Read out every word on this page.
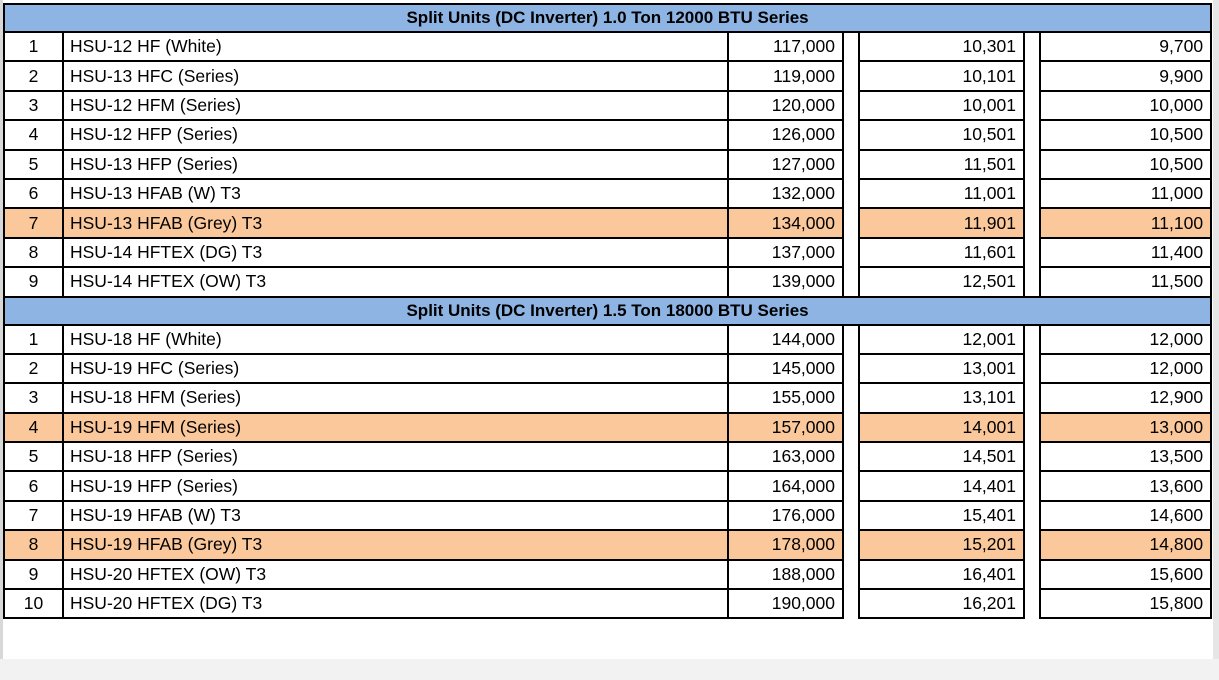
Split Units (DC Inverter) 1.0 Ton 12000 BTU Series						
1	HSU-12 HF (White)	117,000		10,301		9,700
2	HSU-13 HFC (Series)	119,000		10,101		9,900
3	HSU-12 HFM (Series)	120,000		10,001		10,000
4	HSU-12 HFP (Series)	126,000		10,501		10,500
5	HSU-13 HFP (Series)	127,000		11,501		10,500
6	HSU-13 HFAB (W) T3	132,000		11,001		11,000
7	HSU-13 HFAB (Grey) T3	134,000		11,901		11,100
8	HSU-14 HFTEX (DG) T3	137,000		11,601		11,400
9	HSU-14 HFTEX (OW) T3	139,000		12,501		11,500
Split Units (DC Inverter) 1.5 Ton 18000 BTU Series						
1	HSU-18 HF (White)	144,000		12,001		12,000
2	HSU-19 HFC (Series)	145,000		13,001		12,000
3	HSU-18 HFM (Series)	155,000		13,101		12,900
4	HSU-19 HFM (Series)	157,000		14,001		13,000
5	HSU-18 HFP (Series)	163,000		14,501		13,500
6	HSU-19 HFP (Series)	164,000		14,401		13,600
7	HSU-19 HFAB (W) T3	176,000		15,401		14,600
8	HSU-19 HFAB (Grey) T3	178,000		15,201		14,800
9	HSU-20 HFTEX (OW) T3	188,000		16,401		15,600
10	HSU-20 HFTEX (DG) T3	190,000		16,201		15,800
